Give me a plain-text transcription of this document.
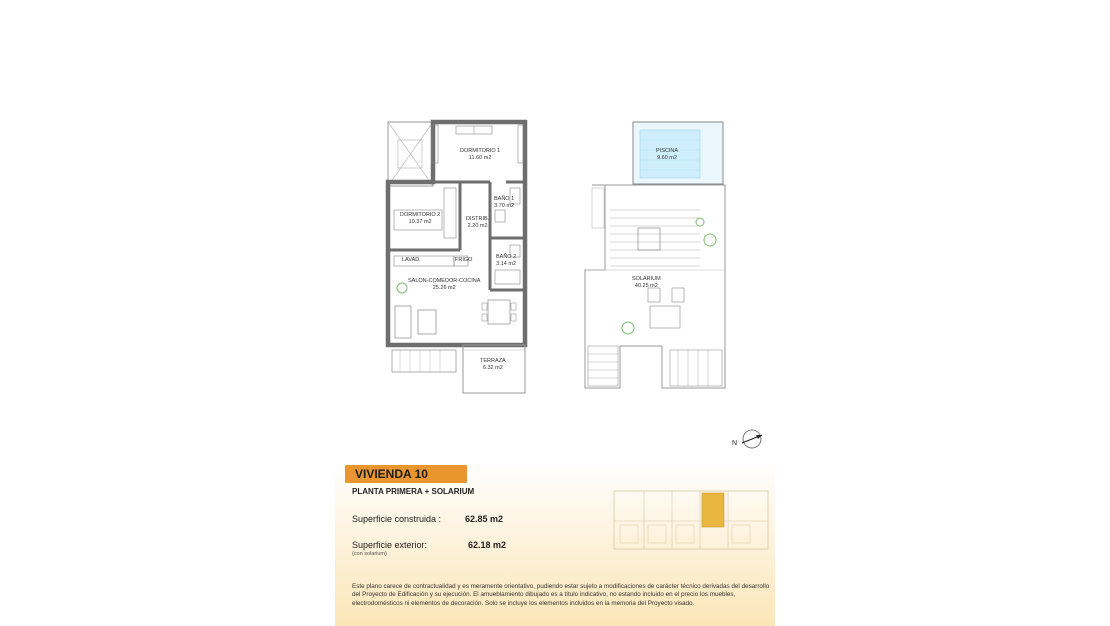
DORMITORIO 1
11.60 m2
DORMITORIO 2
10.37 m2	DISTRIB.
2.20 m2
BAÑO 1
3.70 m2
BAÑO 2
3.14 m2
LAVAD.	FRIGO
SALON-COMEDOR-COCINA
25.26 m2
TERRAZA
6.32 m2
PISCINA
9.60 m2
SOLARIUM
40.25 m2
N
VIVIENDA 10
PLANTA PRIMERA + SOLARIUM
Superficie construida :	62.85 m2
Superficie exterior:	62.18 m2
(con solarium)
Este plano carece de contractualidad y es meramente orientativo, pudiendo estar sujeto a modificaciones de carácter técnico derivadas del desarrollo del Proyecto de Edificación y su ejecución. El amueblamiento dibujado es a título indicativo, no estando incluido en el precio los muebles, electrodomésticos ni elementos de decoración. Solo se incluye los elementos incluidos en la memoria del Proyecto visado.
